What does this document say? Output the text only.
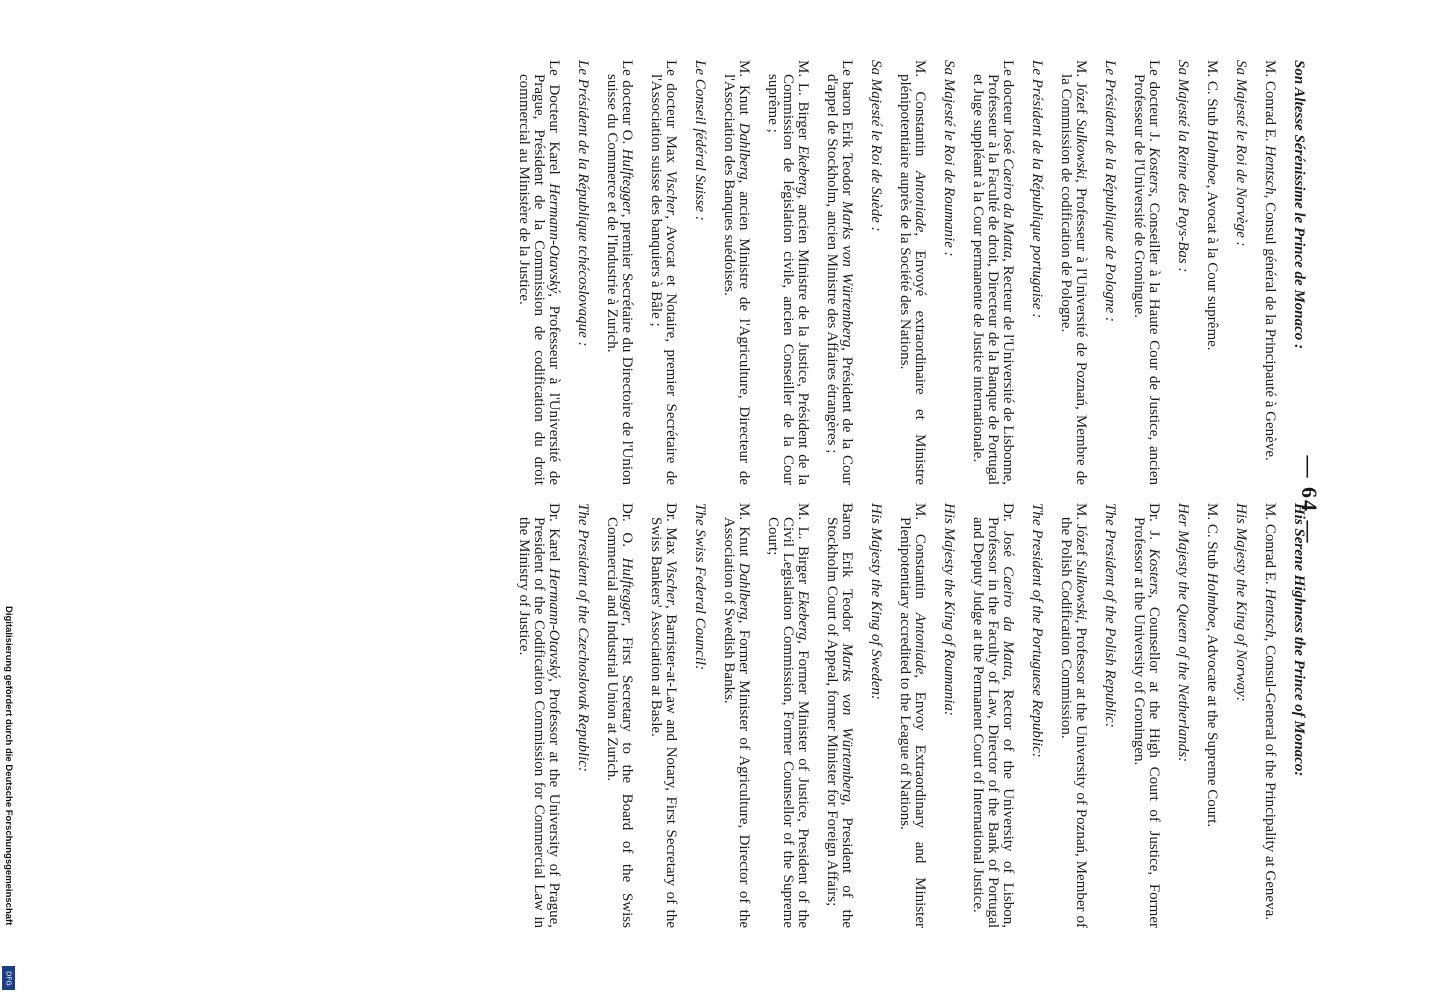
— 64 —
Son Altesse Sérénissime le Prince de Monaco :
M. Conrad E. Hentsch, Consul général de la Principauté à Genève.
Sa Majesté le Roi de Norvège :
M. C. Stub Holmboe, Avocat à la Cour suprême.
Sa Majesté la Reine des Pays-Bas :
Le docteur J. Kosters, Conseiller à la Haute Cour de Justice, ancien Professeur de l'Université de Groningue.
Le Président de la République de Pologne :
M. Józef Sulkowski, Professeur à l'Université de Poznań, Membre de la Commission de codification de Pologne.
Le Président de la République portugaise :
Le docteur José Caeiro da Matta, Recteur de l'Université de Lisbonne, Professeur à la Faculté de droit, Directeur de la Banque de Portugal et Juge suppléant à la Cour permanente de Justice internationale.
Sa Majesté le Roi de Roumanie :
M. Constantin Antoniade, Envoyé extraordinaire et Ministre plénipotentiaire auprès de la Société des Nations.
Sa Majesté le Roi de Suède :
Le baron Erik Teodor Marks von Würtemberg, Président de la Cour d'appel de Stockholm, ancien Ministre des Affaires étrangères ;
M. L. Birger Ekeberg, ancien Ministre de la Justice, Président de la Commission de législation civile, ancien Conseiller de la Cour suprême ;
M. Knut Dahlberg, ancien Ministre de l'Agriculture, Directeur de l'Association des Banques suédoises.
Le Conseil fédéral Suisse :
Le docteur Max Vischer, Avocat et Notaire, premier Secrétaire de l'Association suisse des banquiers à Bâle ;
Le docteur O. Hulftegger, premier Secrétaire du Directoire de l'Union suisse du Commerce et de l'Industrie à Zurich.
Le Président de la République tchécoslovaque :
Le Docteur Karel Hermann-Otavský, Professeur à l'Université de Prague, Président de la Commission de codification du droit commercial au Ministère de la Justice.
His Serene Highness the Prince of Monaco:
M. Conrad E. Hentsch, Consul-General of the Principality at Geneva.
His Majesty the King of Norway:
M. C. Stub Holmboe, Advocate at the Supreme Court.
Her Majesty the Queen of the Netherlands:
Dr. J. Kosters, Counsellor at the High Court of Justice, Former Professor at the University of Groningen.
The President of the Polish Republic:
M. Józef Sulkowski, Professor at the University of Poznań, Member of the Polish Codification Commission.
The President of the Portuguese Republic:
Dr. José Caeiro da Matta, Rector of the University of Lisbon, Professor in the Faculty of Law, Director of the Bank of Portugal and Deputy Judge at the Permanent Court of International Justice.
His Majesty the King of Roumania:
M. Constantin Antoniade, Envoy Extraordinary and Minister Plenipotentiary accredited to the League of Nations.
His Majesty the King of Sweden:
Baron Erik Teodor Marks von Würtemberg, President of the Stockholm Court of Appeal, former Minister for Foreign Affairs;
M. L. Birger Ekeberg, Former Minister of Justice, President of the Civil Legislation Commission, Former Counsellor of the Supreme Court;
M. Knut Dahlberg, Former Minister of Agriculture, Director of the Association of Swedish Banks.
The Swiss Federal Council:
Dr. Max Vischer, Barrister-at-Law and Notary, First Secretary of the Swiss Bankers' Association at Basle.
Dr. O. Hulftegger, First Secretary to the Board of the Swiss Commercial and Industrial Union at Zurich.
The President of the Czechoslovak Republic:
Dr. Karel Hermann-Otavský, Professor at the University of Prague, President of the Codification Commission for Commercial Law in the Ministry of Justice.
Digitalisierung gefördert durch die Deutsche Forschungsgemeinschaft
DFG
